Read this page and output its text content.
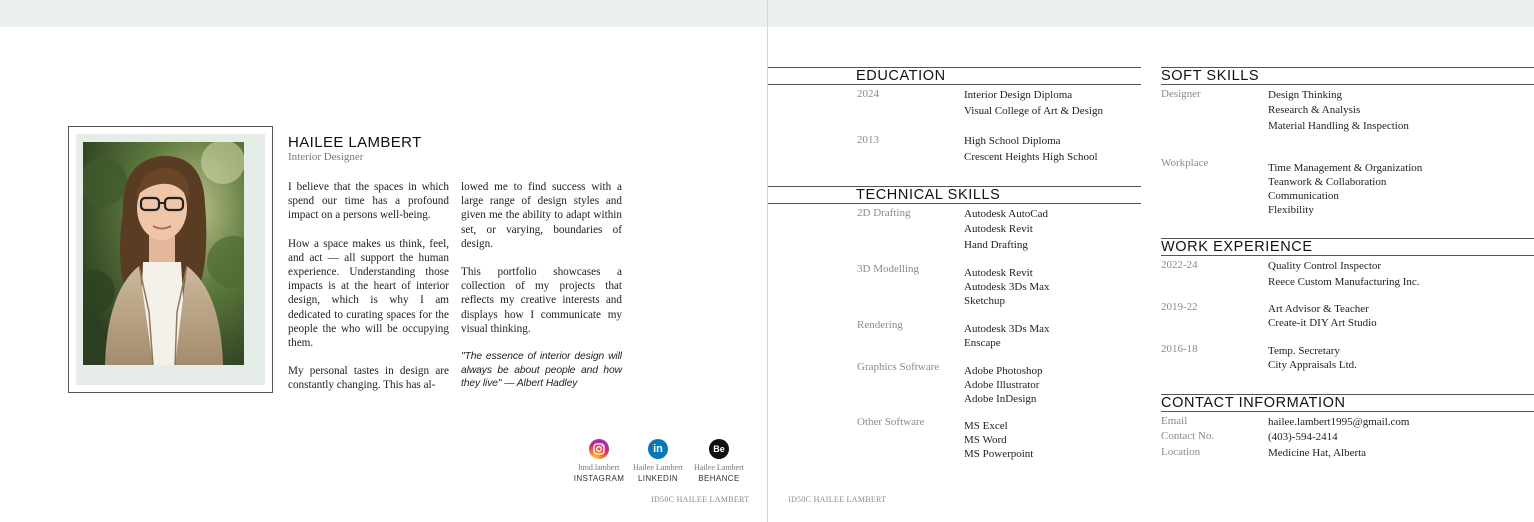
HAILEE LAMBERT
Interior Designer

I believe that the spaces in which spend our time has a profound impact on a persons well-being.

How a space makes us think, feel, and act — all support the human experience. Understanding those impacts is at the heart of interior design, which is why I am dedicated to curating spaces for the people the who will be occupying them.

My personal tastes in design are constantly changing. This has al-

lowed me to find success with a large range of design styles and given me the ability to adapt within set, or varying, boundaries of design.

This portfolio showcases a collection of my projects that reflects my creative interests and displays how I communicate my visual thinking.

"The essence of interior design will always be about people and how they live" — Albert Hadley

hmd.lambert
INSTAGRAM
in
Hailee Lambert
LINKEDIN
Be
Hailee Lambert
BEHANCE
ID50C HAILEE LAMBERT	ID50C HAILEE LAMBERT
EDUCATION
2024	Interior Design Diploma
Visual College of Art & Design
2013	High School Diploma
Crescent Heights High School
TECHNICAL SKILLS
2D Drafting	Autodesk AutoCad
Autodesk Revit
Hand Drafting
3D Modelling	Autodesk Revit
Autodesk 3Ds Max
Sketchup
Rendering	Autodesk 3Ds Max
Enscape
Graphics Software Adobe Photoshop
Adobe Illustrator
Adobe InDesign
Other Software	MS Excel
MS Word
MS Powerpoint
SOFT SKILLS
Designer	Design Thinking
Research & Analysis
Material Handling & Inspection
Workplace	Time Management & Organization
Teanwork & Collaboration
Communication
Flexibility
WORK EXPERIENCE
2022-24	Quality Control Inspector
Reece Custom Manufacturing Inc.
2019-22	Art Advisor & Teacher
Create-it DIY Art Studio
2016-18	Temp. Secretary
City Appraisals Ltd.
CONTACT INFORMATION
Email	hailee.lambert1995@gmail.com
Contact No.	(403)-594-2414
Location	Medicine Hat, Alberta
